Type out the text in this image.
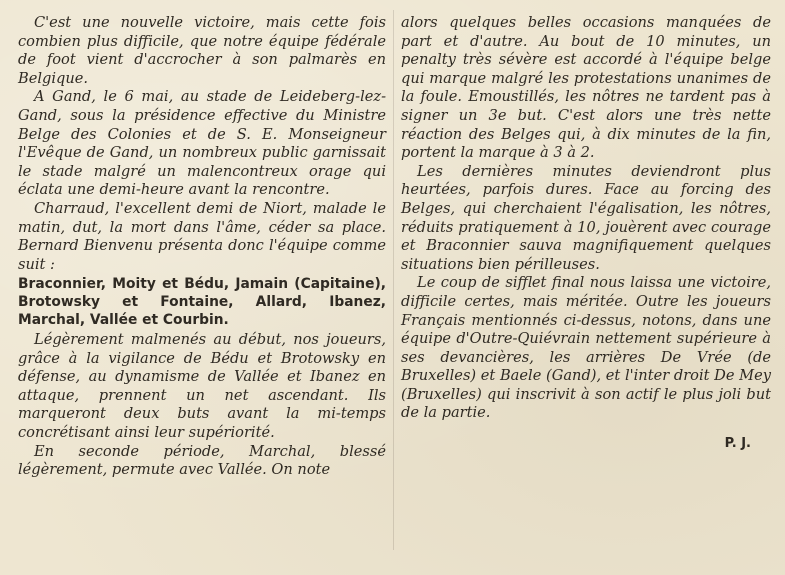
C'est une nouvelle victoire, mais cette fois combien plus difficile, que notre équipe fédérale de foot vient d'accrocher à son palmarès en Belgique.

A Gand, le 6 mai, au stade de Leideberg-lez-Gand, sous la présidence effective du Ministre Belge des Colonies et de S. E. Monseigneur l'Evêque de Gand, un nombreux public garnissait le stade malgré un malencontreux orage qui éclata une demi-heure avant la rencontre.

Charraud, l'excellent demi de Niort, malade le matin, dut, la mort dans l'âme, céder sa place. Bernard Bienvenu présenta donc l'équipe comme suit :

Braconnier, Moity et Bédu, Jamain (Capitaine), Brotowsky et Fontaine, Allard, Ibanez, Marchal, Vallée et Courbin.

Légèrement malmenés au début, nos joueurs, grâce à la vigilance de Bédu et Brotowsky en défense, au dynamisme de Vallée et Ibanez en attaque, prennent un net ascendant. Ils marqueront deux buts avant la mi-temps concrétisant ainsi leur supériorité.

En seconde période, Marchal, blessé légèrement, permute avec Vallée. On note

alors quelques belles occasions manquées de part et d'autre. Au bout de 10 minutes, un penalty très sévère est accordé à l'équipe belge qui marque malgré les protestations unanimes de la foule. Emoustillés, les nôtres ne tardent pas à signer un 3e but. C'est alors une très nette réaction des Belges qui, à dix minutes de la fin, portent la marque à 3 à 2.

Les dernières minutes deviendront plus heurtées, parfois dures. Face au forcing des Belges, qui cherchaient l'égalisation, les nôtres, réduits pratiquement à 10, jouèrent avec courage et Braconnier sauva magnifiquement quelques situations bien périlleuses.

Le coup de sifflet final nous laissa une victoire, difficile certes, mais méritée. Outre les joueurs Français mentionnés ci-dessus, notons, dans une équipe d'Outre-Quiévrain nettement supérieure à ses devancières, les arrières De Vrée (de Bruxelles) et Baele (Gand), et l'inter droit De Mey (Bruxelles) qui inscrivit à son actif le plus joli but de la partie.

P. J.
